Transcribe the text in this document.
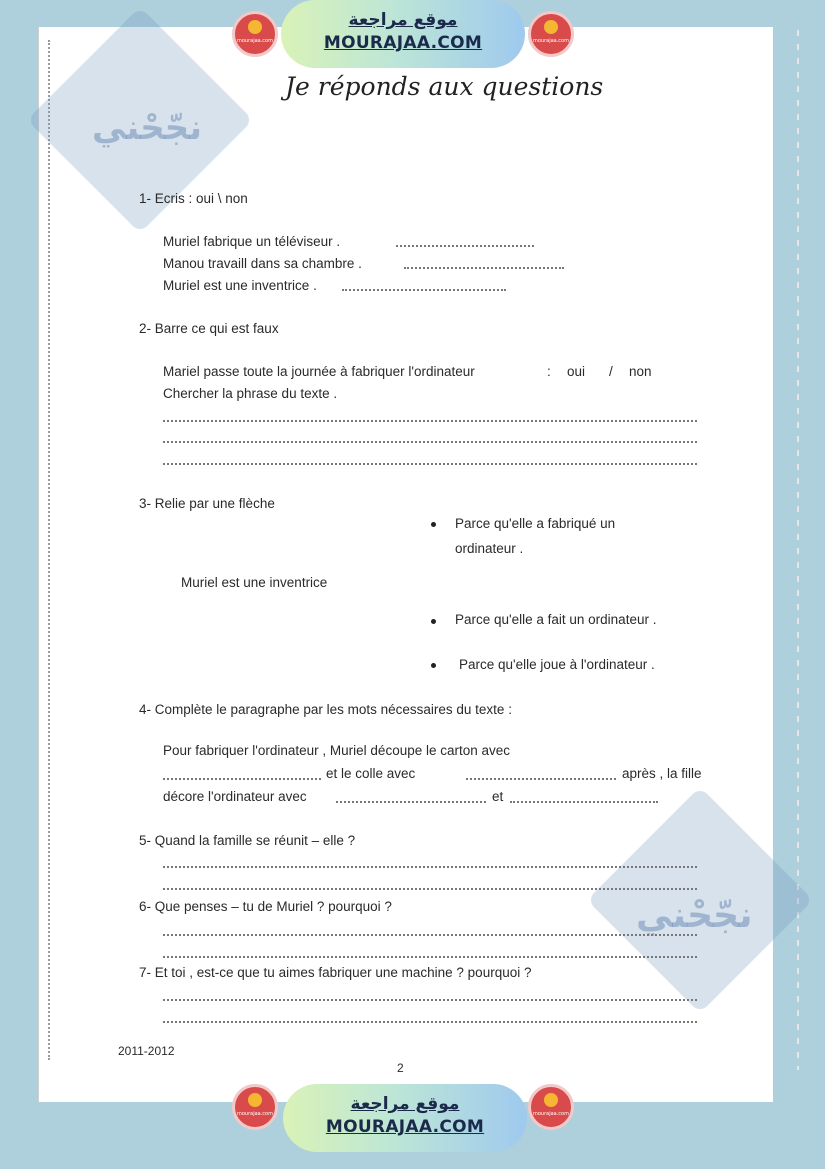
نجّحْني
نجّحْني
mourajaa.com
موقع مراجعة
MOURAJAA.COM	mourajaa.com
Je réponds aux questions
1- Ecris : oui \ non
Muriel fabrique un téléviseur .
Manou travaill dans sa chambre .
Muriel est une inventrice .
2- Barre ce qui est faux
Mariel passe toute la journée à fabriquer l'ordinateur	: oui / non
Chercher la phrase du texte .
3- Relie par une flèche
Parce qu'elle a fabriqué un
ordinateur .
Muriel est une inventrice
Parce qu'elle a fait un ordinateur .
Parce qu'elle joue à l'ordinateur .
4- Complète le paragraphe par les mots nécessaires du texte :
Pour fabriquer l'ordinateur , Muriel découpe le carton avec
et le colle avec	après , la fille
décore l'ordinateur avec	et
5- Quand la famille se réunit – elle ?
6- Que penses – tu de Muriel ? pourquoi ?
7- Et toi , est-ce que tu aimes fabriquer une machine ? pourquoi ?
2011-2012
2
mourajaa.com	موقع مراجعة
MOURAJAA.COM
mourajaa.com
